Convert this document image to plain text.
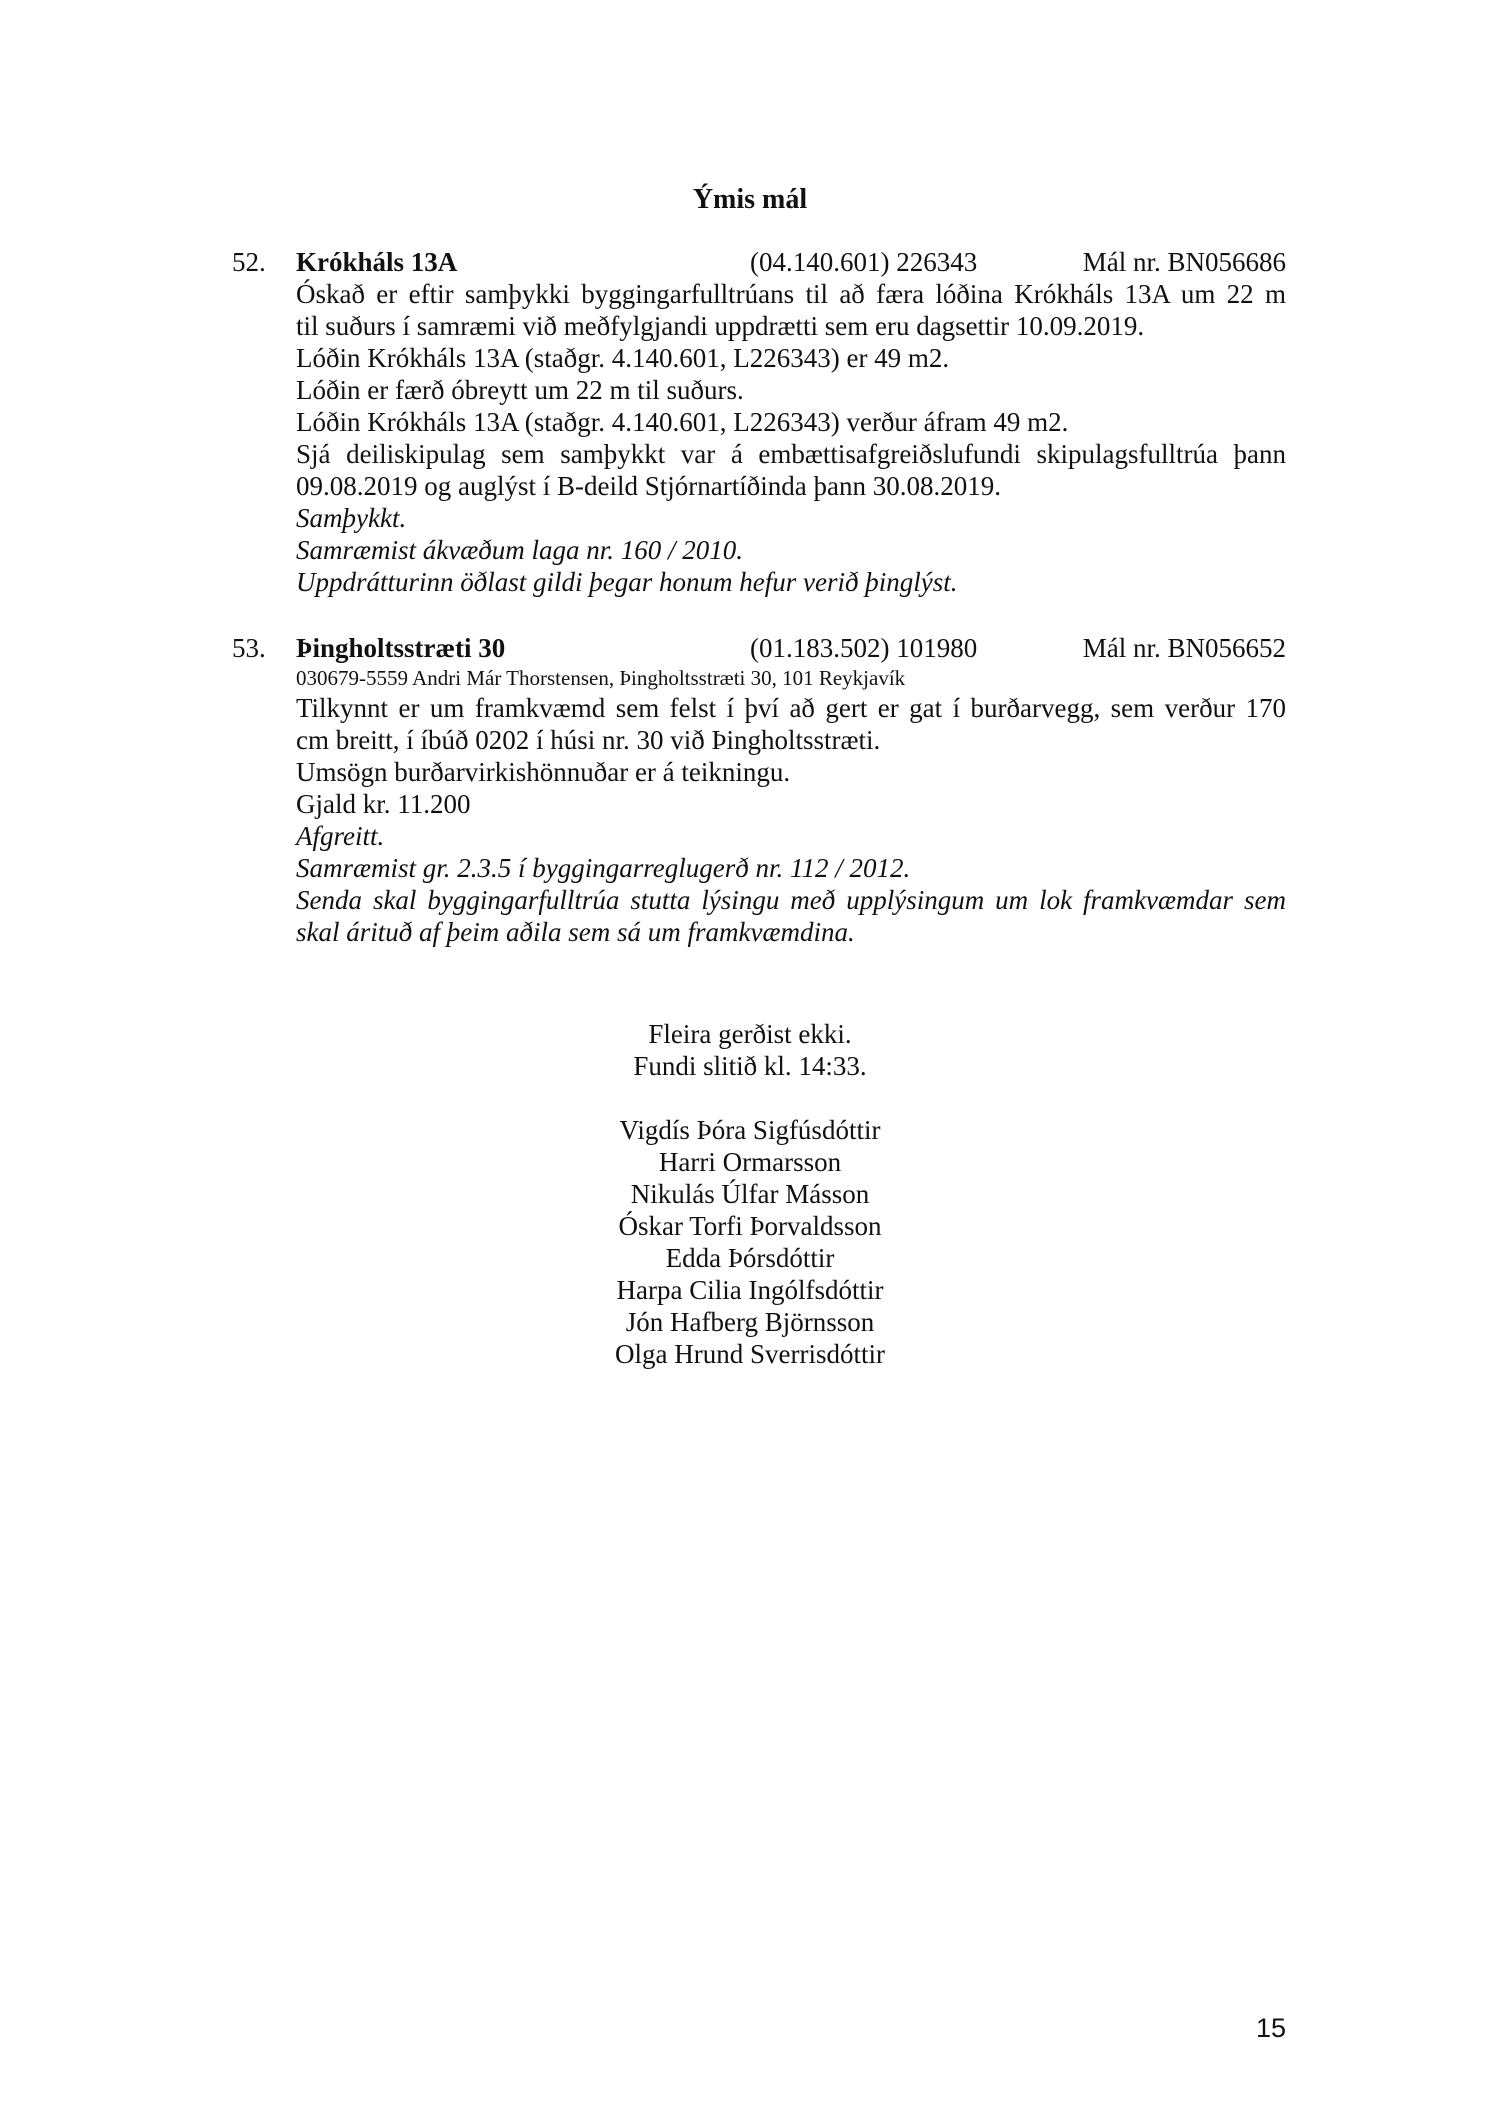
Ýmis mál
52. Krókháls 13A	(04.140.601) 226343	Mál nr. BN056686
Óskað er eftir samþykki byggingarfulltrúans til að færa lóðina Krókháls 13A um 22 m
til suðurs í samræmi við meðfylgjandi uppdrætti sem eru dagsettir 10.09.2019.
Lóðin Krókháls 13A (staðgr. 4.140.601, L226343) er 49 m2.
Lóðin er færð óbreytt um 22 m til suðurs.
Lóðin Krókháls 13A (staðgr. 4.140.601, L226343) verður áfram 49 m2.
Sjá deiliskipulag sem samþykkt var á embættisafgreiðslufundi skipulagsfulltrúa þann
09.08.2019 og auglýst í B-deild Stjórnartíðinda þann 30.08.2019.
Samþykkt.
Samræmist ákvæðum laga nr. 160 / 2010.
Uppdrátturinn öðlast gildi þegar honum hefur verið þinglýst.
53. Þingholtsstræti 30	(01.183.502) 101980	Mál nr. BN056652
030679-5559 Andri Már Thorstensen, Þingholtsstræti 30, 101 Reykjavík
Tilkynnt er um framkvæmd sem felst í því að gert er gat í burðarvegg, sem verður 170
cm breitt, í íbúð 0202 í húsi nr. 30 við Þingholtsstræti.
Umsögn burðarvirkishönnuðar er á teikningu.
Gjald kr. 11.200
Afgreitt.
Samræmist gr. 2.3.5 í byggingarreglugerð nr. 112 / 2012.
Senda skal byggingarfulltrúa stutta lýsingu með upplýsingum um lok framkvæmdar sem
skal árituð af þeim aðila sem sá um framkvæmdina.
Fleira gerðist ekki.
Fundi slitið kl. 14:33.
Vigdís Þóra Sigfúsdóttir
Harri Ormarsson
Nikulás Úlfar Másson
Óskar Torfi Þorvaldsson
Edda Þórsdóttir
Harpa Cilia Ingólfsdóttir
Jón Hafberg Björnsson
Olga Hrund Sverrisdóttir
15
